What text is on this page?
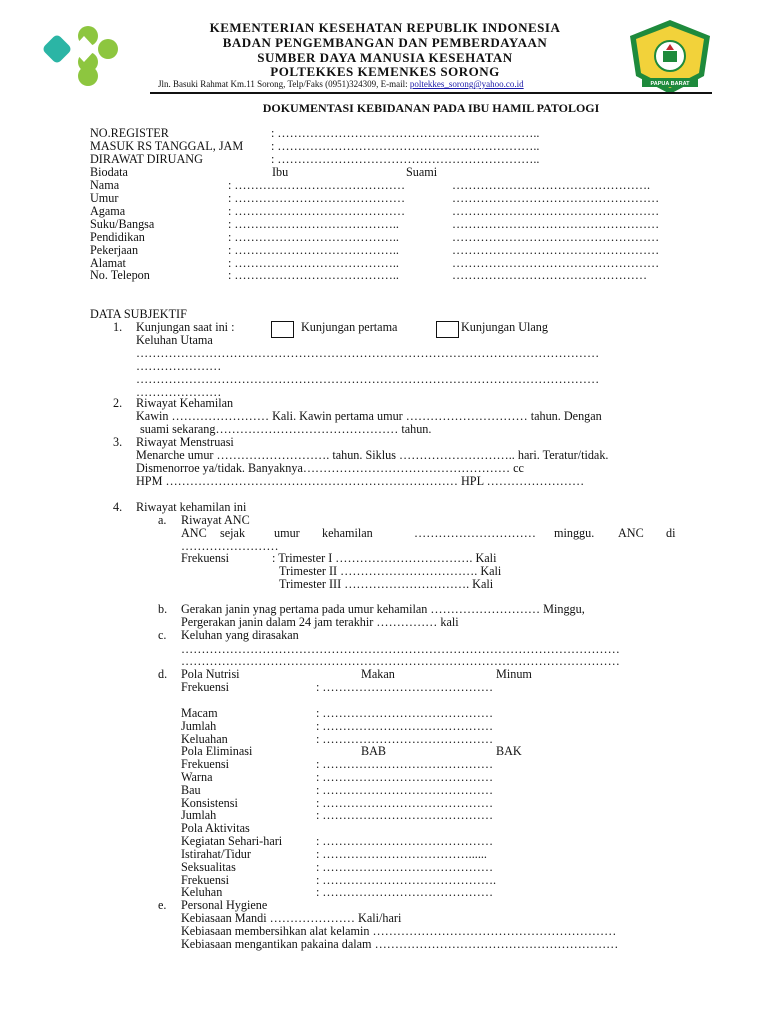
KEMENTERIAN KESEHATAN REPUBLIK INDONESIA
BADAN PENGEMBANGAN DAN PEMBERDAYAAN
SUMBER DAYA MANUSIA KESEHATAN
POLTEKKES KEMENKES SORONG
Jln. Basuki Rahmat Km.11 Sorong, Telp/Faks (0951)324309, E-mail: poltekkes_sorong@yahoo.co.id	PAPUA BARAT
DOKUMENTASI KEBIDANAN PADA IBU HAMIL PATOLOGI
NO.REGISTER	: ………………………………………………………..
MASUK RS TANGGAL, JAM : ………………………………………………………..
DIRAWAT DIRUANG	: ………………………………………………………..
Biodata	Ibu	Suami
Nama	: ……………………………………	………………………………………….
Umur	: ……………………………………	……………………………………………
Agama	: ……………………………………	……………………………………………
Suku/Bangsa	: …………………………………..	……………………………………………
Pendidikan	: …………………………………..	……………………………………………
Pekerjaan	: …………………………………..	……………………………………………
Alamat	: …………………………………..	……………………………………………
No. Telepon	: …………………………………..	…………………………………………
DATA SUBJEKTIF
1. Kunjungan saat ini :	Kunjungan pertama	Kunjungan Ulang
Keluhan Utama
……………………………………………………………………………………………………
…………………
……………………………………………………………………………………………………
…………………
2. Riwayat Kehamilan
Kawin …………………… Kali. Kawin pertama umur ………………………… tahun. Dengan
suami sekarang……………………………………… tahun.
3. Riwayat Menstruasi
Menarche umur ………………………. tahun. Siklus ……………………….. hari. Teratur/tidak.
Dismenorroe ya/tidak. Banyaknya…………………………………………… cc
HPM ……………………………………………………………… HPL ……………………
4. Riwayat kehamilan ini
a. Riwayat ANC
ANC sejak umur kehamilan	………………………… minggu. ANC di
……………………
Frekuensi	: Trimester I ……………………………. Kali
Trimester II ……………………………. Kali
Trimester III …………………………. Kali
b. Gerakan janin ynag pertama pada umur kehamilan ……………………… Minggu,
Pergerakan janin dalam 24 jam terakhir …………… kali
c. Keluhan yang dirasakan
………………………………………………………………………………………………
………………………………………………………………………………………………
d. Pola Nutrisi	Makan	Minum
Frekuensi	: ……………………………………
Macam	: ……………………………………
Jumlah	: ……………………………………
Keluahan	: ……………………………………
Pola Eliminasi	BAB	BAK
Frekuensi	: ……………………………………
Warna	: ……………………………………
Bau	: ……………………………………
Konsistensi	: ……………………………………
Jumlah	: ……………………………………
Pola Aktivitas
Kegiatan Sehari-hari	: ……………………………………
Istirahat/Tidur	: ………………………………......
Seksualitas	: ……………………………………
Frekuensi	: …………………………………….
Keluhan	: ……………………………………
e. Personal Hygiene
Kebiasaan Mandi ………………… Kali/hari
Kebiasaan membersihkan alat kelamin ……………………………………………………
Kebiasaan mengantikan pakaina dalam ……………………………………………………
